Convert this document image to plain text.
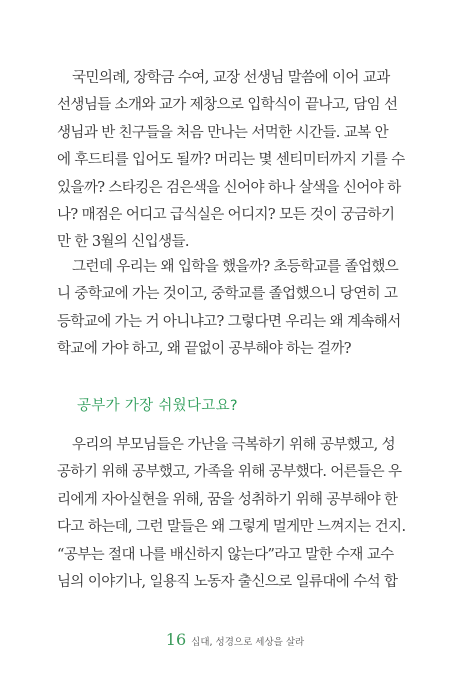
국민의례, 장학금 수여, 교장 선생님 말씀에 이어 교과
선생님들 소개와 교가 제창으로 입학식이 끝나고, 담임 선
생님과 반 친구들을 처음 만나는 서먹한 시간들. 교복 안
에 후드티를 입어도 될까? 머리는 몇 센티미터까지 기를 수
있을까? 스타킹은 검은색을 신어야 하나 살색을 신어야 하
나? 매점은 어디고 급식실은 어디지? 모든 것이 궁금하기
만 한 3월의 신입생들.
그런데 우리는 왜 입학을 했을까? 초등학교를 졸업했으
니 중학교에 가는 것이고, 중학교를 졸업했으니 당연히 고
등학교에 가는 거 아니냐고? 그렇다면 우리는 왜 계속해서
학교에 가야 하고, 왜 끝없이 공부해야 하는 걸까?
공부가 가장 쉬웠다고요?
우리의 부모님들은 가난을 극복하기 위해 공부했고, 성
공하기 위해 공부했고, 가족을 위해 공부했다. 어른들은 우
리에게 자아실현을 위해, 꿈을 성취하기 위해 공부해야 한
다고 하는데, 그런 말들은 왜 그렇게 멀게만 느껴지는 건지.
“공부는 절대 나를 배신하지 않는다”라고 말한 수재 교수
님의 이야기나, 일용직 노동자 출신으로 일류대에 수석 합
16 십대, 성경으로 세상을 살라
